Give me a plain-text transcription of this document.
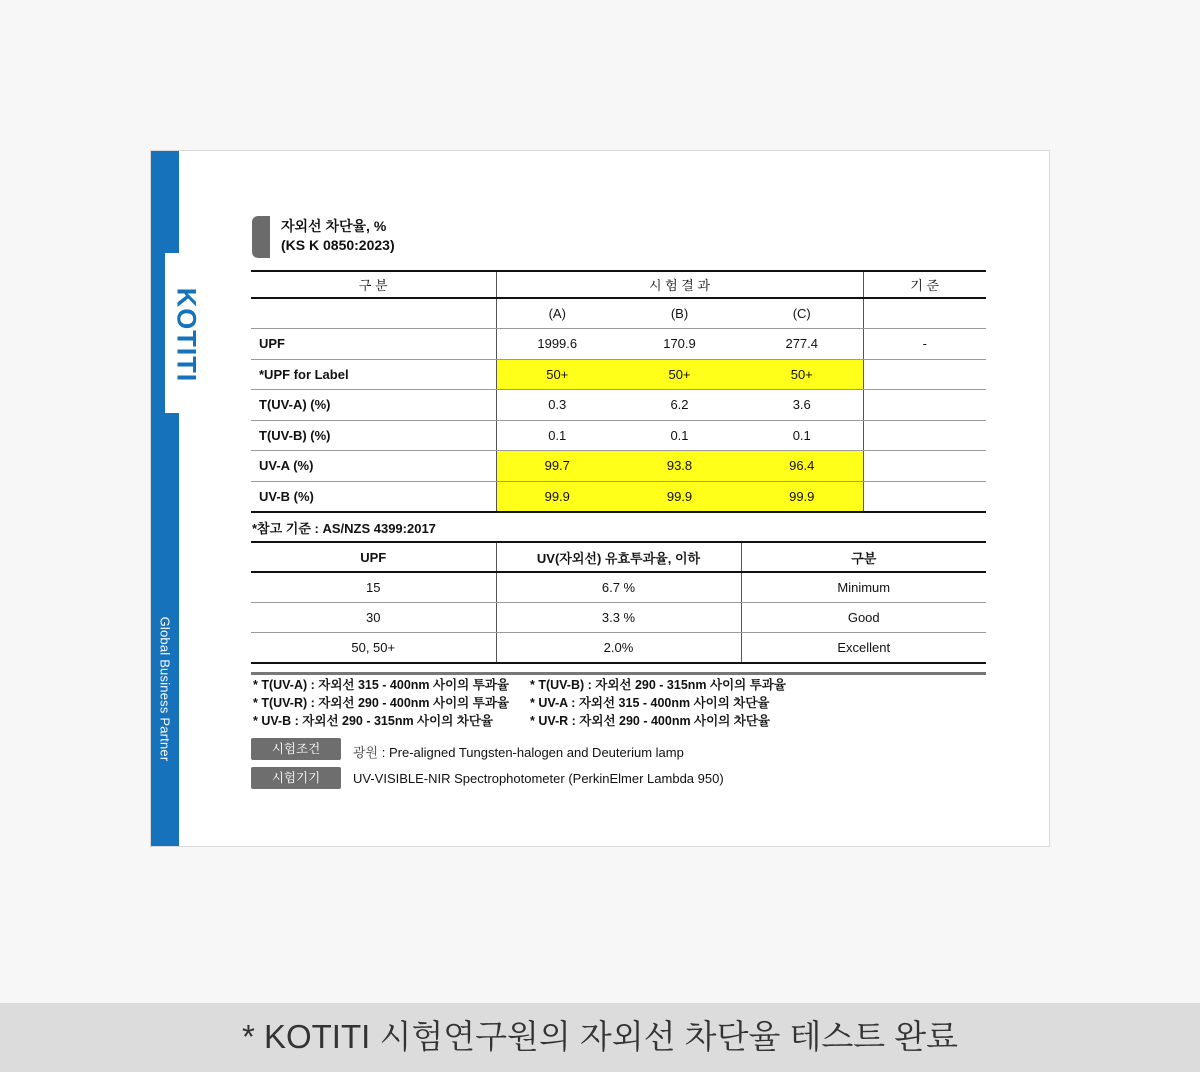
KOTITI
Global Business Partner
자외선 차단율, %
(KS K 0850:2023)
구 분	시 험 결 과			기 준
	(A)	(B)	(C)	
UPF	1999.6	170.9	277.4	-
*UPF for Label	50+	50+	50+	
T(UV-A) (%)	0.3	6.2	3.6	
T(UV-B) (%)	0.1	0.1	0.1	
UV-A (%)	99.7	93.8	96.4	
UV-B (%)	99.9	99.9	99.9	
*참고 기준 : AS/NZS 4399:2017
UPF	UV(자외선) 유효투과율, 이하	구분
15	6.7 %	Minimum
30	3.3 %	Good
50, 50+	2.0%	Excellent
* T(UV-A) : 자외선 315 - 400nm 사이의 투과율	* T(UV-B) : 자외선 290 - 315nm 사이의 투과율
* T(UV-R) : 자외선 290 - 400nm 사이의 투과율	* UV-A : 자외선 315 - 400nm 사이의 차단율
* UV-B : 자외선 290 - 315nm 사이의 차단율	* UV-R : 자외선 290 - 400nm 사이의 차단율
시험조건	광원 : Pre-aligned Tungsten-halogen and Deuterium lamp
시험기기	UV-VISIBLE-NIR Spectrophotometer (PerkinElmer Lambda 950)
* KOTITI 시험연구원의 자외선 차단율 테스트 완료
